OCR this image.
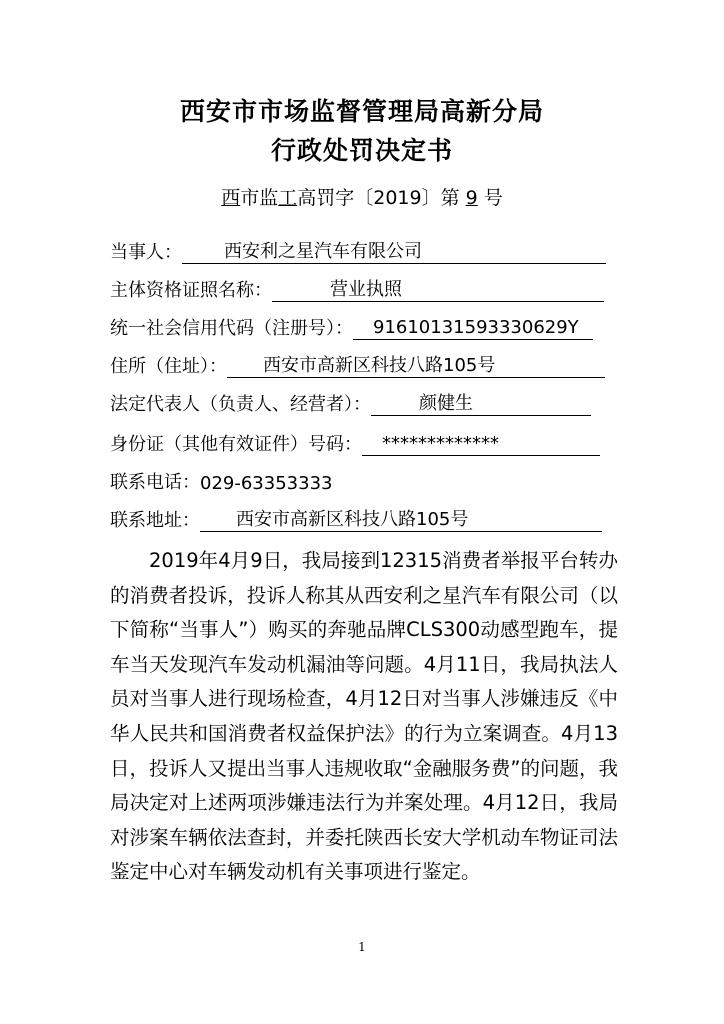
西安市市场监督管理局高新分局
行政处罚决定书
西市监工高罚字〔2019〕第 9 号
当事人：	西安利之星汽车有限公司
主体资格证照名称：	营业执照
统一社会信用代码（注册号）：	916101315933306​29Y
住所（住址）：	西安市高新区科技八路105号
法定代表人（负责人、经营者）：	颜健生
身份证（其他有效证件）号码：	*************
联系电话： 029-63353333
联系地址：	西安市高新区科技八路105号
2019年4月9日，我局接到12315消费者举报平台转办
的消费者投诉，投诉人称其从西安利之星汽车有限公司（以
下简称“当事人”）购买的奔驰品牌CLS300动感型跑车，提
车当天发现汽车发动机漏油等问题。4月11日，我局执法人
员对当事人进行现场检查，4月12日对当事人涉嫌违反《中
华人民共和国消费者权益保护法》的行为立案调查。4月13
日，投诉人又提出当事人违规收取“金融服务费”的问题，我
局决定对上述两项涉嫌违法行为并案处理。4月12日，我局
对涉案车辆依法查封，并委托陕西长安大学机动车物证司法
鉴定中心对车辆发动机有关事项进行鉴定。
1
